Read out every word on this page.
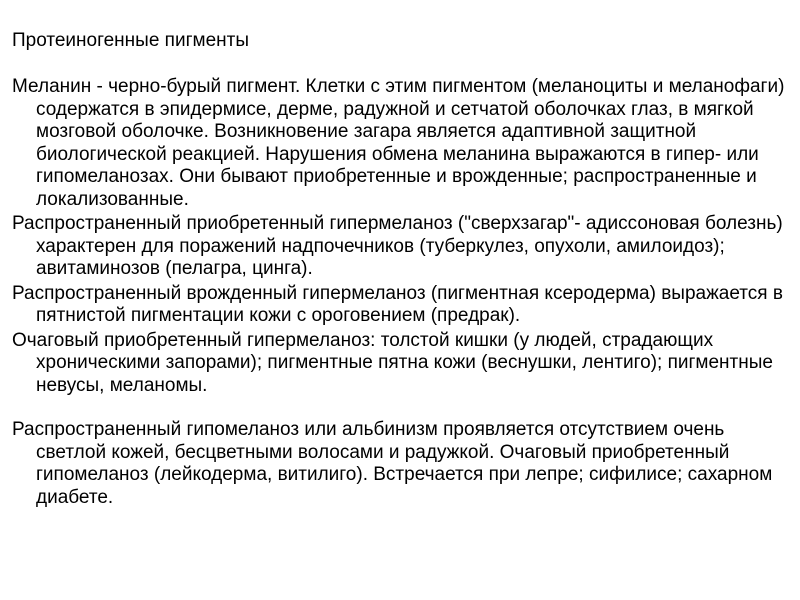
Протеиногенные пигменты

Меланин - черно-бурый пигмент. Клетки с этим пигментом (меланоциты и меланофаги) содержатся в эпидермисе, дерме, радужной и сетчатой оболочках глаз, в мягкой мозговой оболочке. Возникновение загара является адаптивной защитной биологической реакцией. Нарушения обмена меланина выражаются в гипер- или гипомеланозах. Они бывают приобретенные и врожденные; распространенные и локализованные.

Распространенный приобретенный гипермеланоз ("сверхзагар"- адиссоновая болезнь) характерен для поражений надпочечников (туберкулез, опухоли, амилоидоз); авитаминозов (пелагра, цинга).

Распространенный врожденный гипермеланоз (пигментная ксеродерма) выражается в пятнистой пигментации кожи с ороговением (предрак).

Очаговый приобретенный гипермеланоз: толстой кишки (у людей, страдающих хроническими запорами); пигментные пятна кожи (веснушки, лентиго); пигментные невусы, меланомы.

Распространенный гипомеланоз или альбинизм проявляется отсутствием очень светлой кожей, бесцветными волосами и радужкой. Очаговый приобретенный гипомеланоз (лейкодерма, витилиго). Встречается при лепре; сифилисе; сахарном диабете.
